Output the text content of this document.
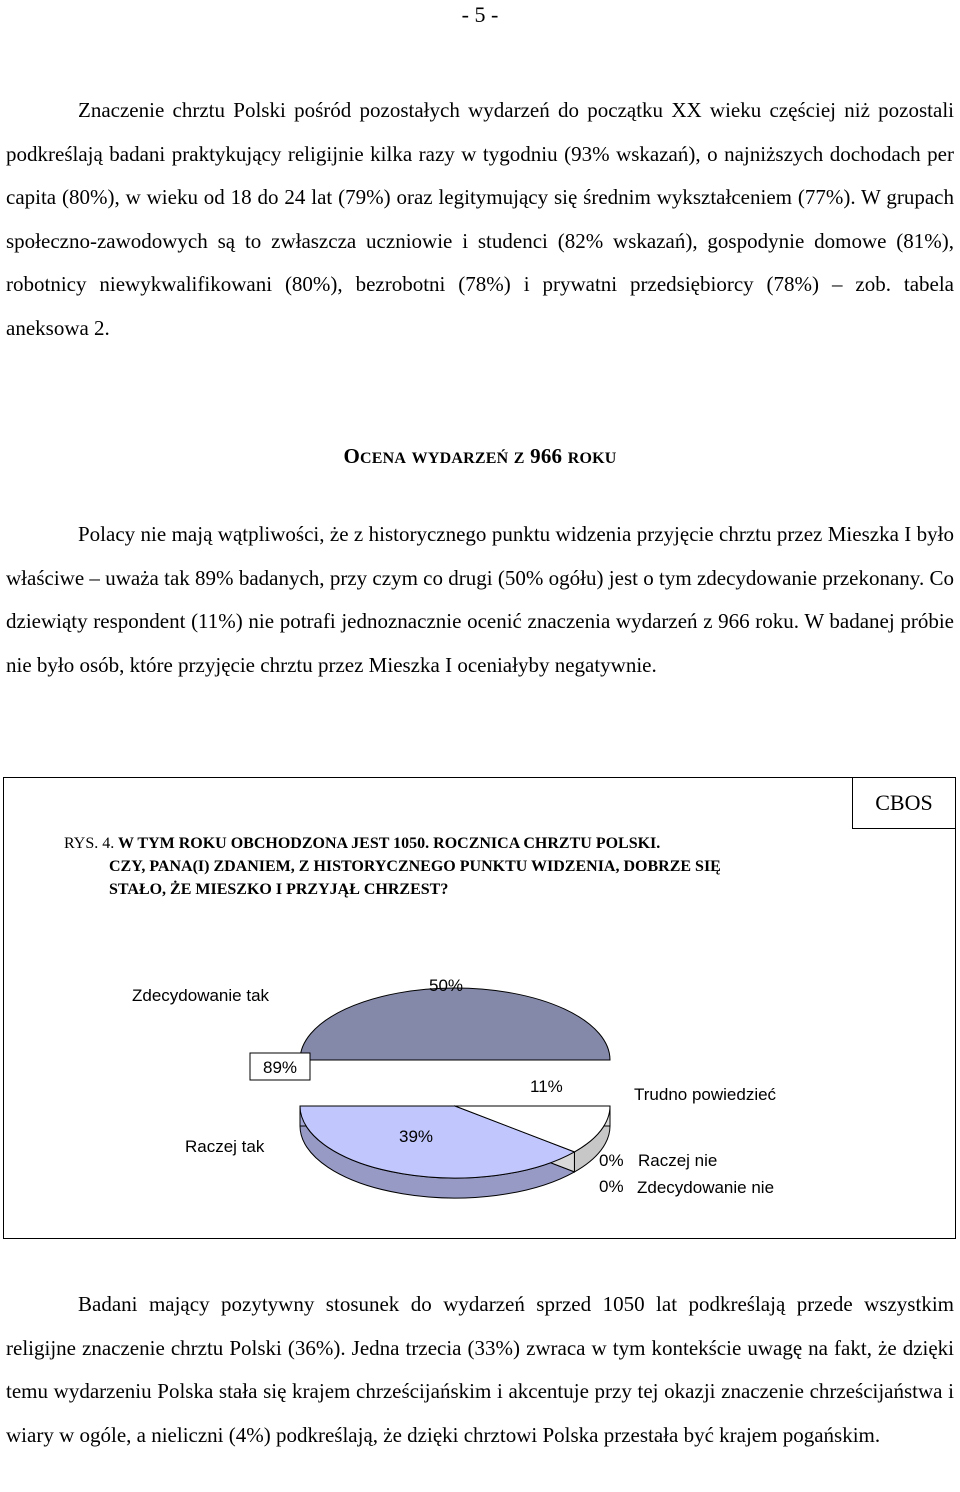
- 5 -

Znaczenie chrztu Polski pośród pozostałych wydarzeń do początku XX wieku częściej niż pozostali podkreślają badani praktykujący religijnie kilka razy w tygodniu (93% wskazań), o najniższych dochodach per capita (80%), w wieku od 18 do 24 lat (79%) oraz legitymujący się średnim wykształceniem (77%). W grupach społeczno-zawodowych są to zwłaszcza uczniowie i studenci (82% wskazań), gospodynie domowe (81%), robotnicy niewykwalifikowani (80%), bezrobotni (78%) i prywatni przedsiębiorcy (78%) – zob. tabela aneksowa 2.

OCENA WYDARZEŃ Z 966 ROKU

Polacy nie mają wątpliwości, że z historycznego punktu widzenia przyjęcie chrztu przez Mieszka I było właściwe – uważa tak 89% badanych, przy czym co drugi (50% ogółu) jest o tym zdecydowanie przekonany. Co dziewiąty respondent (11%) nie potrafi jednoznacznie ocenić znaczenia wydarzeń z 966 roku. W badanej próbie nie było osób, które przyjęcie chrztu przez Mieszka I oceniałyby negatywnie.

CBOS

RYS. 4. W TYM ROKU OBCHODZONA JEST 1050. ROCZNICA CHRZTU POLSKI.
CZY, PANA(I) ZDANIEM, Z HISTORYCZNEGO PUNKTU WIDZENIA, DOBRZE SIĘ
STAŁO, ŻE MIESZKO I PRZYJĄŁ CHRZEST?

Zdecydowanie tak
Raczej tak
Trudno powiedzieć
Raczej nie
Zdecydowanie nie
50%
39%
11%
0%
0%
89%

Badani mający pozytywny stosunek do wydarzeń sprzed 1050 lat podkreślają przede wszystkim religijne znaczenie chrztu Polski (36%). Jedna trzecia (33%) zwraca w tym kontekście uwagę na fakt, że dzięki temu wydarzeniu Polska stała się krajem chrześcijańskim i akcentuje przy tej okazji znaczenie chrześcijaństwa i wiary w ogóle, a nieliczni (4%) podkreślają, że dzięki chrztowi Polska przestała być krajem pogańskim.
